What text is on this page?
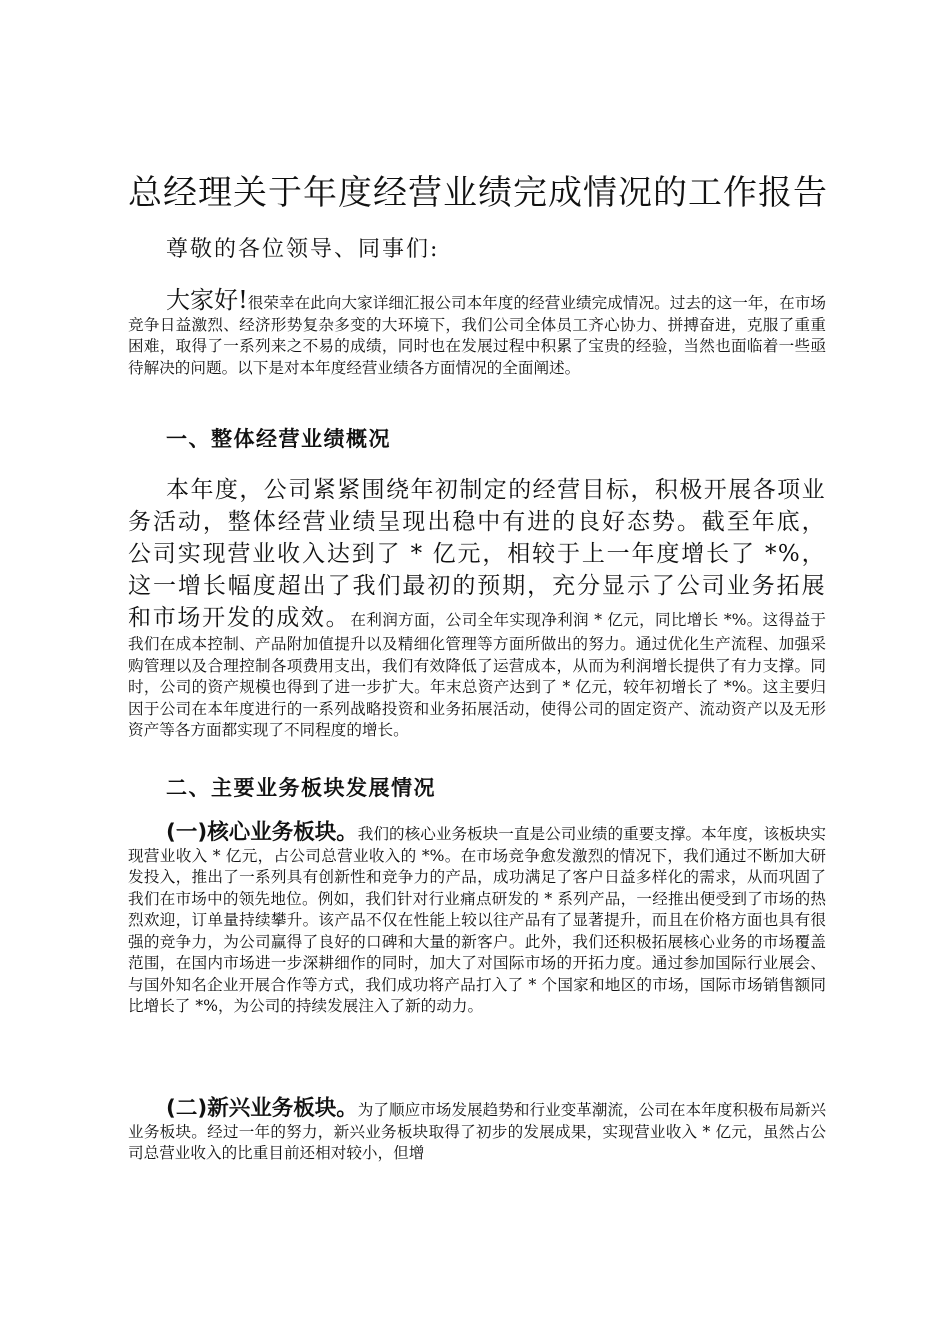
总经理关于年度经营业绩完成情况的工作报告
尊敬的各位领导、同事们:

大家好!很荣幸在此向大家详细汇报公司本年度的经营业绩完成情况。过去的这一年，在市场竞争日益激烈、经济形势复杂多变的大环境下，我们公司全体员工齐心协力、拼搏奋进，克服了重重困难，取得了一系列来之不易的成绩，同时也在发展过程中积累了宝贵的经验，当然也面临着一些亟待解决的问题。以下是对本年度经营业绩各方面情况的全面阐述。

一、整体经营业绩概况

本年度，公司紧紧围绕年初制定的经营目标，积极开展各项业务活动，整体经营业绩呈现出稳中有进的良好态势。截至年底，公司实现营业收入达到了 * 亿元，相较于上一年度增长了 *%，这一增长幅度超出了我们最初的预期，充分显示了公司业务拓展和市场开发的成效。在利润方面，公司全年实现净利润 * 亿元，同比增长 *%。这得益于我们在成本控制、产品附加值提升以及精细化管理等方面所做出的努力。通过优化生产流程、加强采购管理以及合理控制各项费用支出，我们有效降低了运营成本，从而为利润增长提供了有力支撑。同时，公司的资产规模也得到了进一步扩大。年末总资产达到了 * 亿元，较年初增长了 *%。这主要归因于公司在本年度进行的一系列战略投资和业务拓展活动，使得公司的固定资产、流动资产以及无形资产等各方面都实现了不同程度的增长。

二、主要业务板块发展情况

(一)核心业务板块。我们的核心业务板块一直是公司业绩的重要支撑。本年度，该板块实现营业收入 * 亿元，占公司总营业收入的 *%。在市场竞争愈发激烈的情况下，我们通过不断加大研发投入，推出了一系列具有创新性和竞争力的产品，成功满足了客户日益多样化的需求，从而巩固了我们在市场中的领先地位。例如，我们针对行业痛点研发的 * 系列产品，一经推出便受到了市场的热烈欢迎，订单量持续攀升。该产品不仅在性能上较以往产品有了显著提升，而且在价格方面也具有很强的竞争力，为公司赢得了良好的口碑和大量的新客户。此外，我们还积极拓展核心业务的市场覆盖范围，在国内市场进一步深耕细作的同时，加大了对国际市场的开拓力度。通过参加国际行业展会、与国外知名企业开展合作等方式，我们成功将产品打入了 * 个国家和地区的市场，国际市场销售额同比增长了 *%，为公司的持续发展注入了新的动力。

(二)新兴业务板块。为了顺应市场发展趋势和行业变革潮流，公司在本年度积极布局新兴业务板块。经过一年的努力，新兴业务板块取得了初步的发展成果，实现营业收入 * 亿元，虽然占公司总营业收入的比重目前还相对较小，但增
